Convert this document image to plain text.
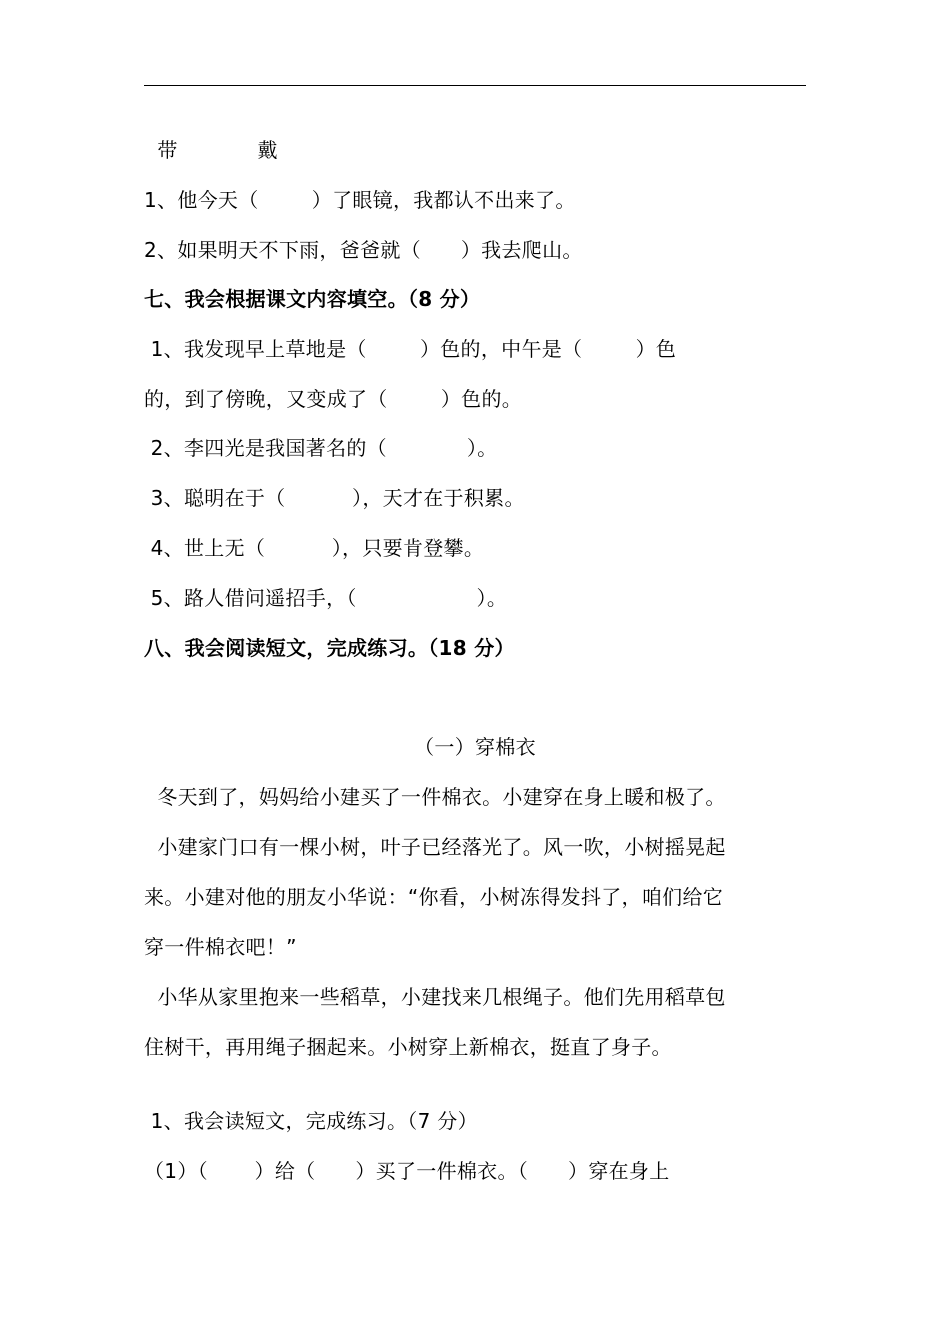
带            戴
1、他今天（        ）了眼镜，我都认不出来了。
2、如果明天不下雨，爸爸就（      ）我去爬山。
七、我会根据课文内容填空。（8 分）
1、我发现早上草地是（        ）色的，中午是（        ）色
的，到了傍晚，又变成了（        ）色的。
2、李四光是我国著名的（            ）。
3、聪明在于（          ），天才在于积累。
4、世上无（          ），只要肯登攀。
5、路人借问遥招手，（                  ）。
八、我会阅读短文，完成练习。（18 分）
（一）穿棉衣
冬天到了，妈妈给小建买了一件棉衣。小建穿在身上暖和极了。
小建家门口有一棵小树，叶子已经落光了。风一吹，小树摇晃起
来。小建对他的朋友小华说：“你看，小树冻得发抖了，咱们给它
穿一件棉衣吧！”
小华从家里抱来一些稻草，小建找来几根绳子。他们先用稻草包
住树干，再用绳子捆起来。小树穿上新棉衣，挺直了身子。
1、我会读短文，完成练习。（7 分）
（1）（       ）给（      ）买了一件棉衣。（      ）穿在身上
